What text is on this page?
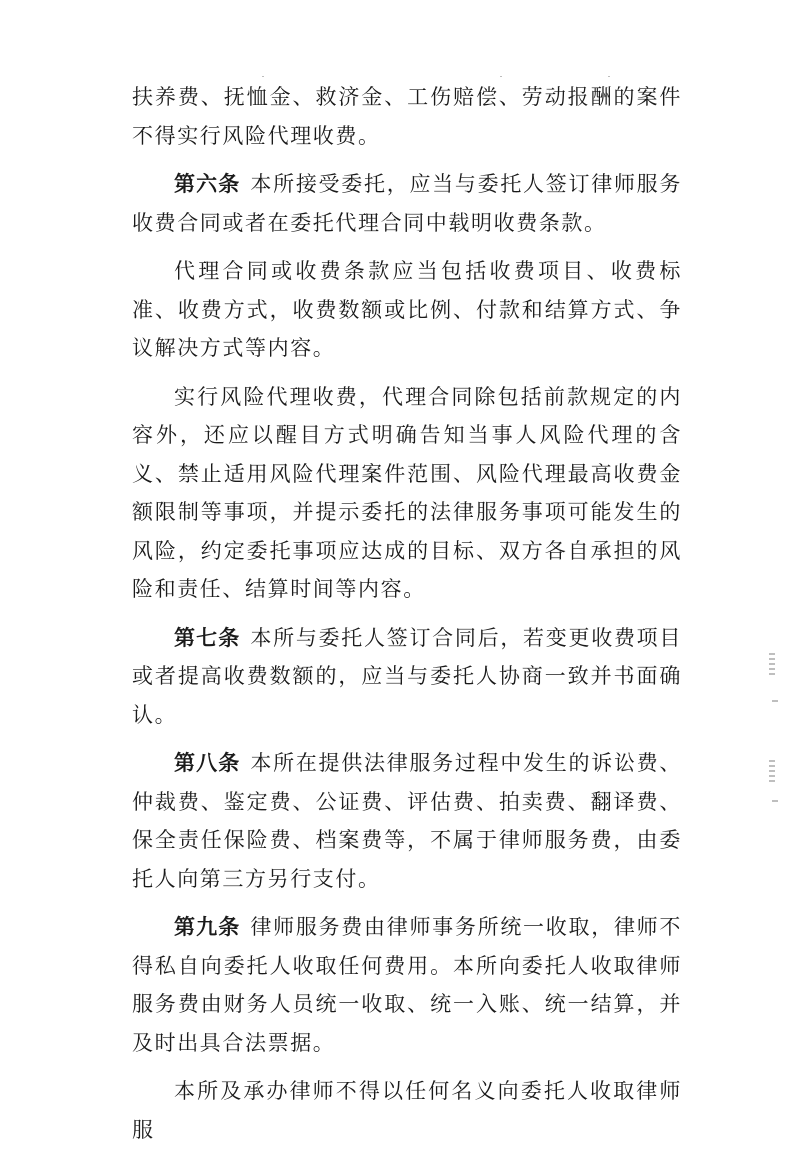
扶养费、抚恤金、救济金、工伤赔偿、劳动报酬的案件不得实行风险代理收费。

第六条 本所接受委托，应当与委托人签订律师服务收费合同或者在委托代理合同中载明收费条款。

代理合同或收费条款应当包括收费项目、收费标准、收费方式，收费数额或比例、付款和结算方式、争议解决方式等内容。

实行风险代理收费，代理合同除包括前款规定的内容外，还应以醒目方式明确告知当事人风险代理的含义、禁止适用风险代理案件范围、风险代理最高收费金额限制等事项，并提示委托的法律服务事项可能发生的风险，约定委托事项应达成的目标、双方各自承担的风险和责任、结算时间等内容。

第七条 本所与委托人签订合同后，若变更收费项目或者提高收费数额的，应当与委托人协商一致并书面确认。

第八条 本所在提供法律服务过程中发生的诉讼费、仲裁费、鉴定费、公证费、评估费、拍卖费、翻译费、保全责任保险费、档案费等，不属于律师服务费，由委托人向第三方另行支付。

第九条 律师服务费由律师事务所统一收取，律师不得私自向委托人收取任何费用。本所向委托人收取律师服务费由财务人员统一收取、统一入账、统一结算，并及时出具合法票据。

本所及承办律师不得以任何名义向委托人收取律师服
